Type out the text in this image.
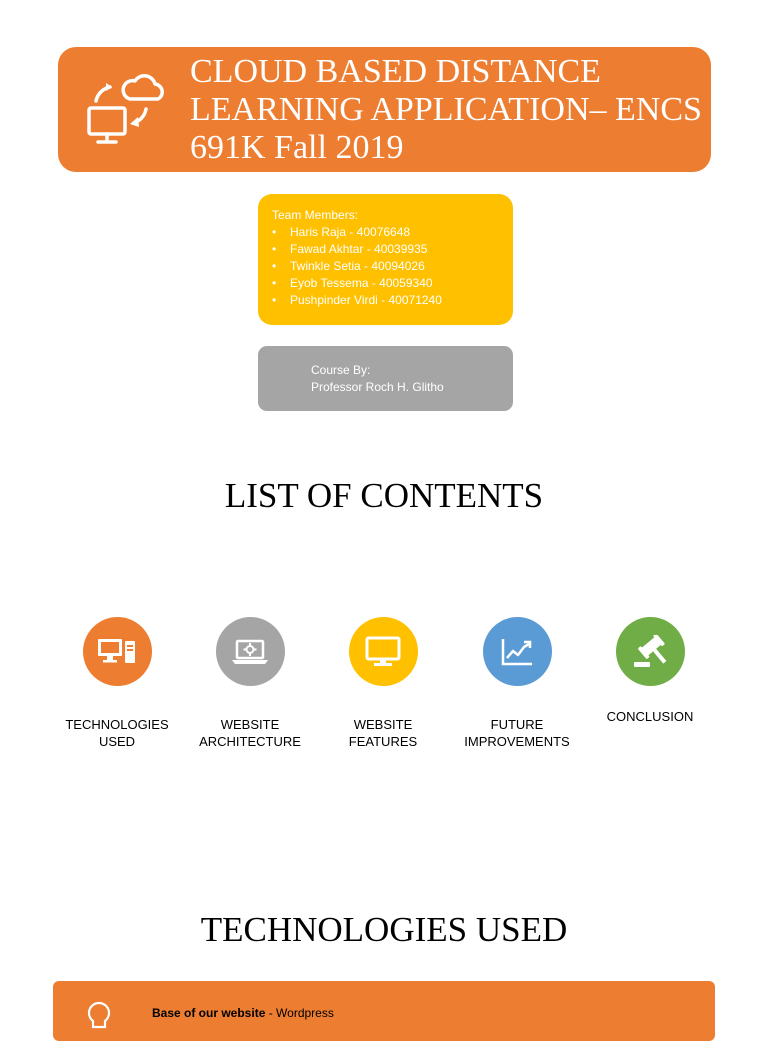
CLOUD BASED DISTANCE
LEARNING APPLICATION– ENCS
691K Fall 2019
Team Members:
• Haris Raja - 40076648
• Fawad Akhtar - 40039935
• Twinkle Setia - 40094026
• Eyob Tessema - 40059340
• Pushpinder Virdi - 40071240
Course By:
Professor Roch H. Glitho
LIST OF CONTENTS
TECHNOLOGIES
USED
WEBSITE
ARCHITECTURE
WEBSITE
FEATURES
FUTURE
IMPROVEMENTS
CONCLUSION
TECHNOLOGIES USED
Base of our website - Wordpress
